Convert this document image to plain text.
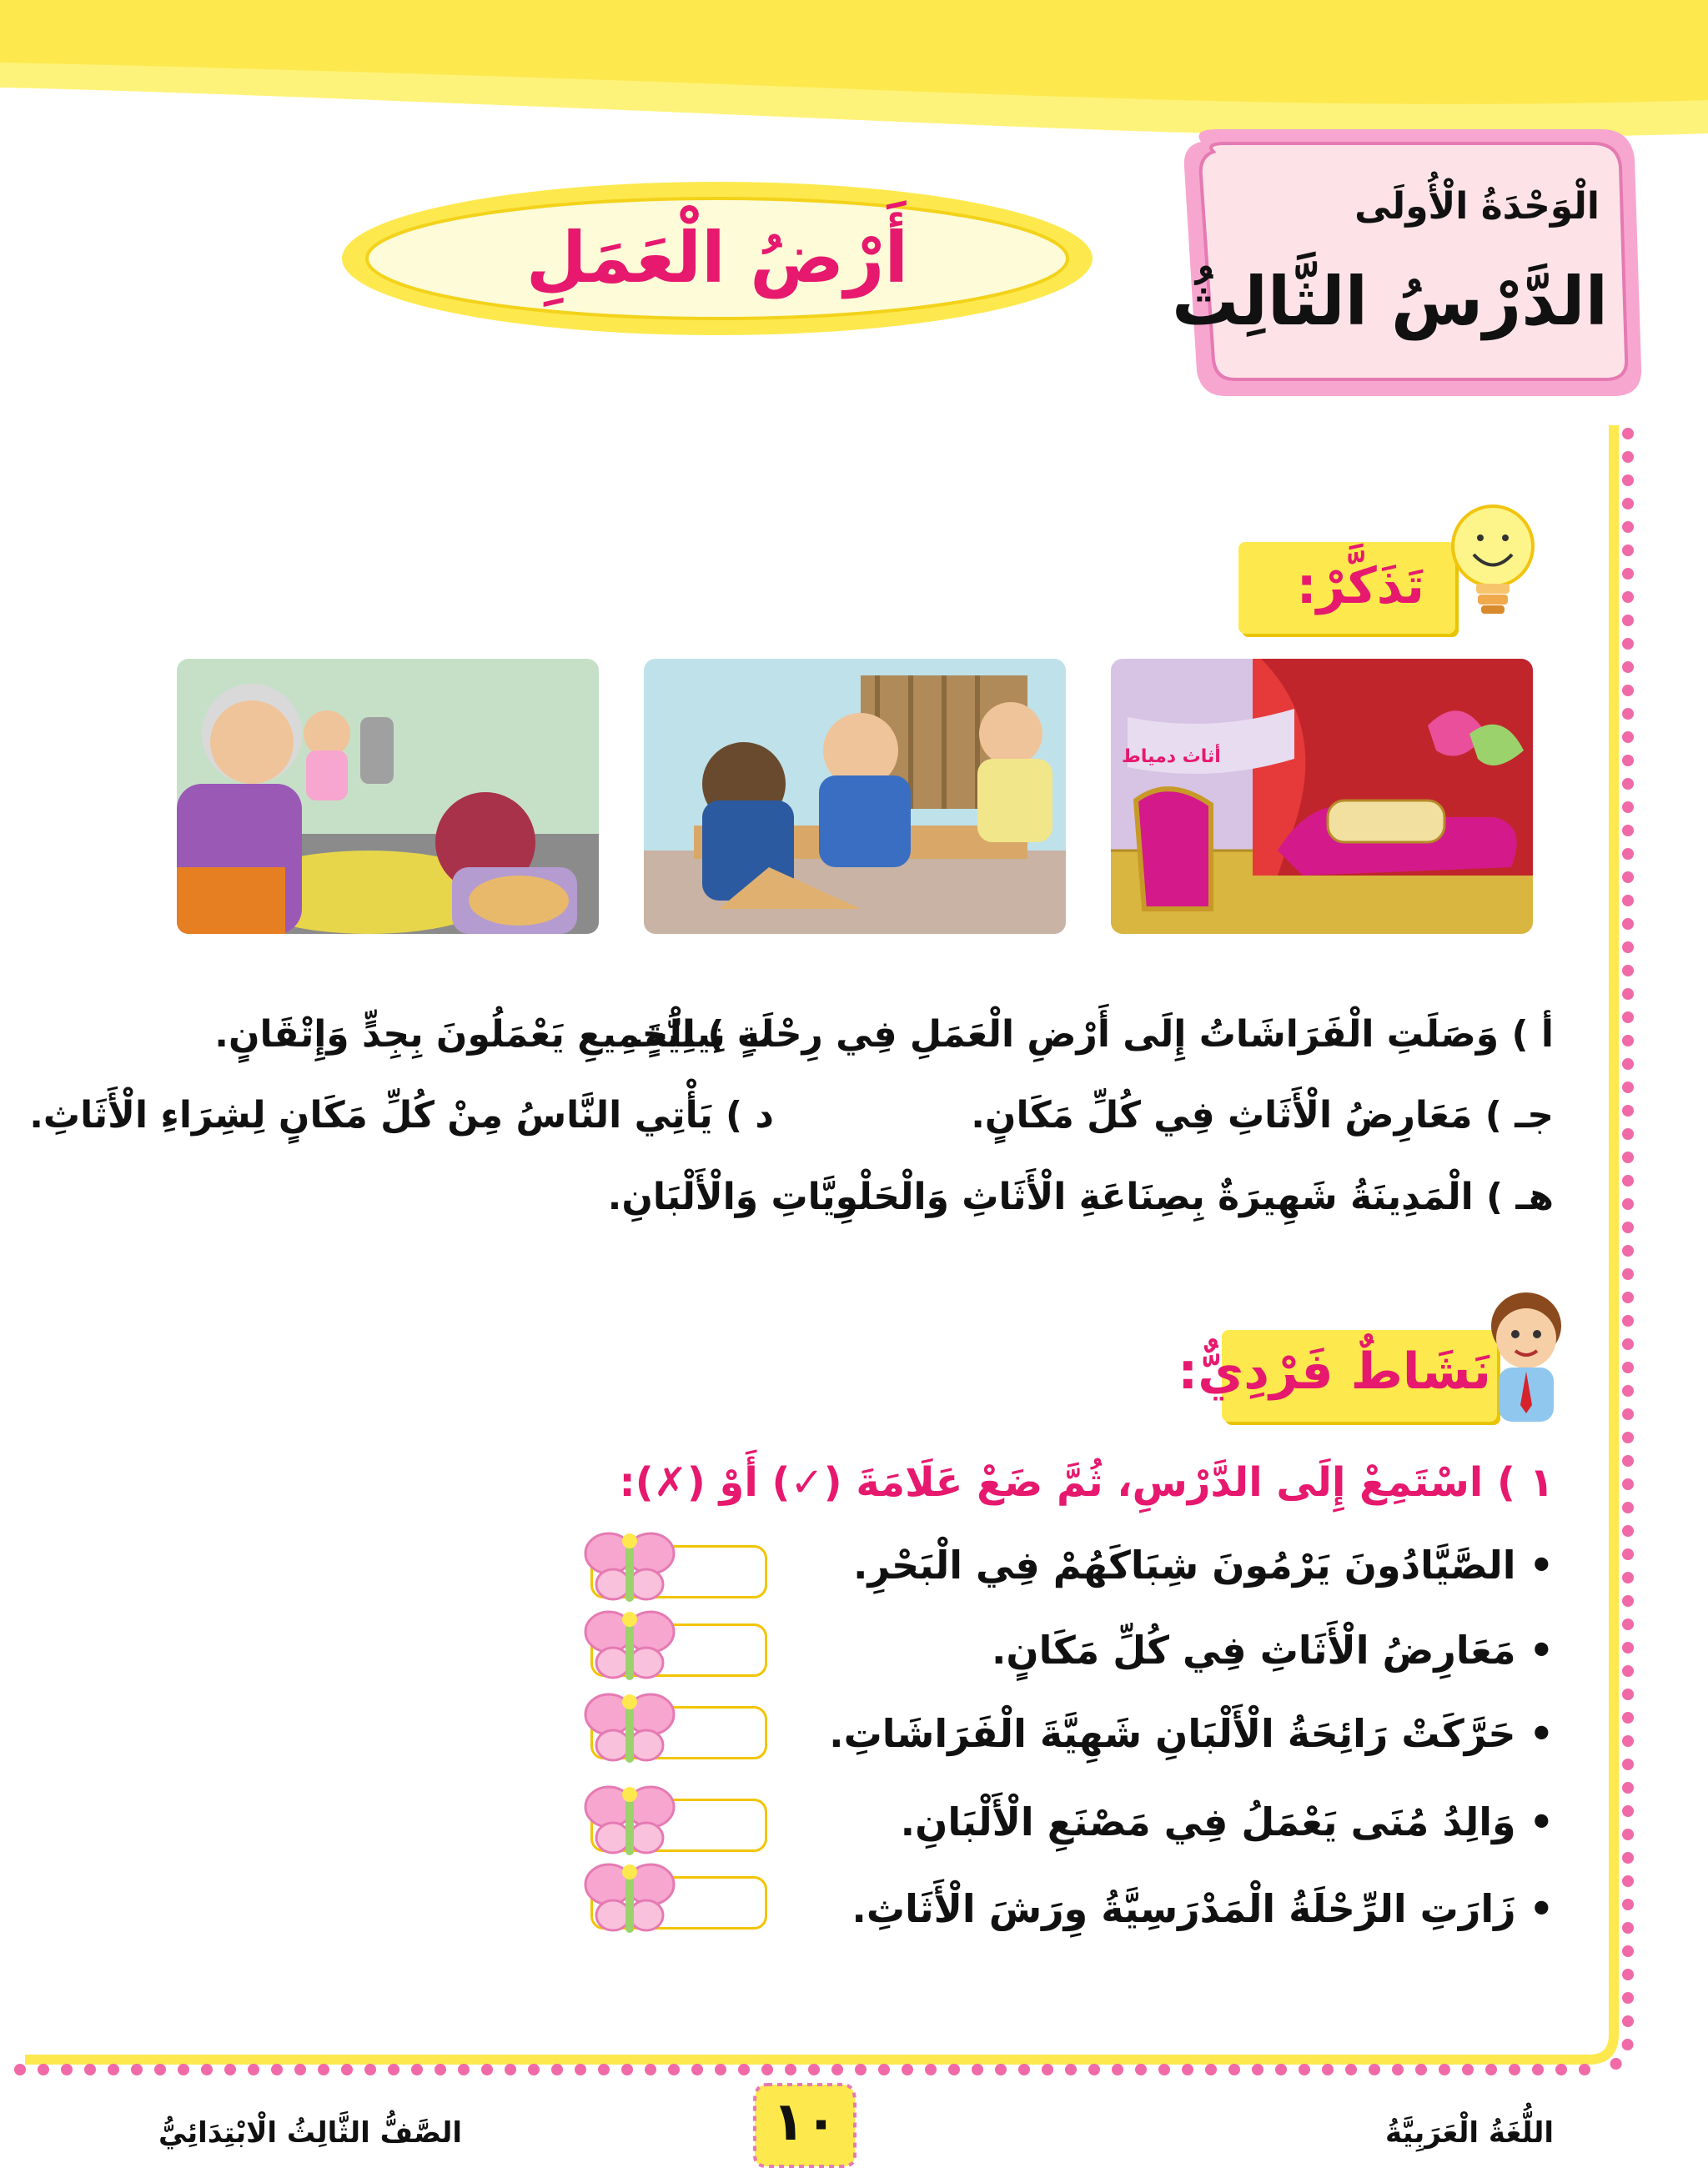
الْوَحْدَةُ الْأُولَى
الدَّرْسُ الثَّالِثُ
أَرْضُ الْعَمَلِ
تَذَكَّرْ:
أثاث دمياط
أ ) وَصَلَتِ الْفَرَاشَاتُ إِلَى أَرْضِ الْعَمَلِ فِي رِحْلَةٍ نِيلِيَّةٍ.
ب ) الْجَمِيعِ يَعْمَلُونَ بِجِدٍّ وَإِتْقَانٍ.
جـ ) مَعَارِضُ الْأَثَاثِ فِي كُلِّ مَكَانٍ.
د ) يَأْتِي النَّاسُ مِنْ كُلِّ مَكَانٍ لِشِرَاءِ الْأَثَاثِ.
هـ ) الْمَدِينَةُ شَهِيرَةٌ بِصِنَاعَةِ الْأَثَاثِ وَالْحَلْوِيَّاتِ وَالْأَلْبَانِ.
نَشَاطٌ فَرْدِيٌّ:
١ ) اسْتَمِعْ إِلَى الدَّرْسِ، ثُمَّ ضَعْ عَلَامَةَ (✓) أَوْ (✗):
• الصَّيَّادُونَ يَرْمُونَ شِبَاكَهُمْ فِي الْبَحْرِ.
• مَعَارِضُ الْأَثَاثِ فِي كُلِّ مَكَانٍ.
• حَرَّكَتْ رَائِحَةُ الْأَلْبَانِ شَهِيَّةَ الْفَرَاشَاتِ.
• وَالِدُ مُنَى يَعْمَلُ فِي مَصْنَعِ الْأَلْبَانِ.
• زَارَتِ الرِّحْلَةُ الْمَدْرَسِيَّةُ وِرَشَ الْأَثَاثِ.
١٠	اللُّغَةُ الْعَرَبِيَّةُ
الصَّفُّ الثَّالِثُ الْابْتِدَائِيُّ
